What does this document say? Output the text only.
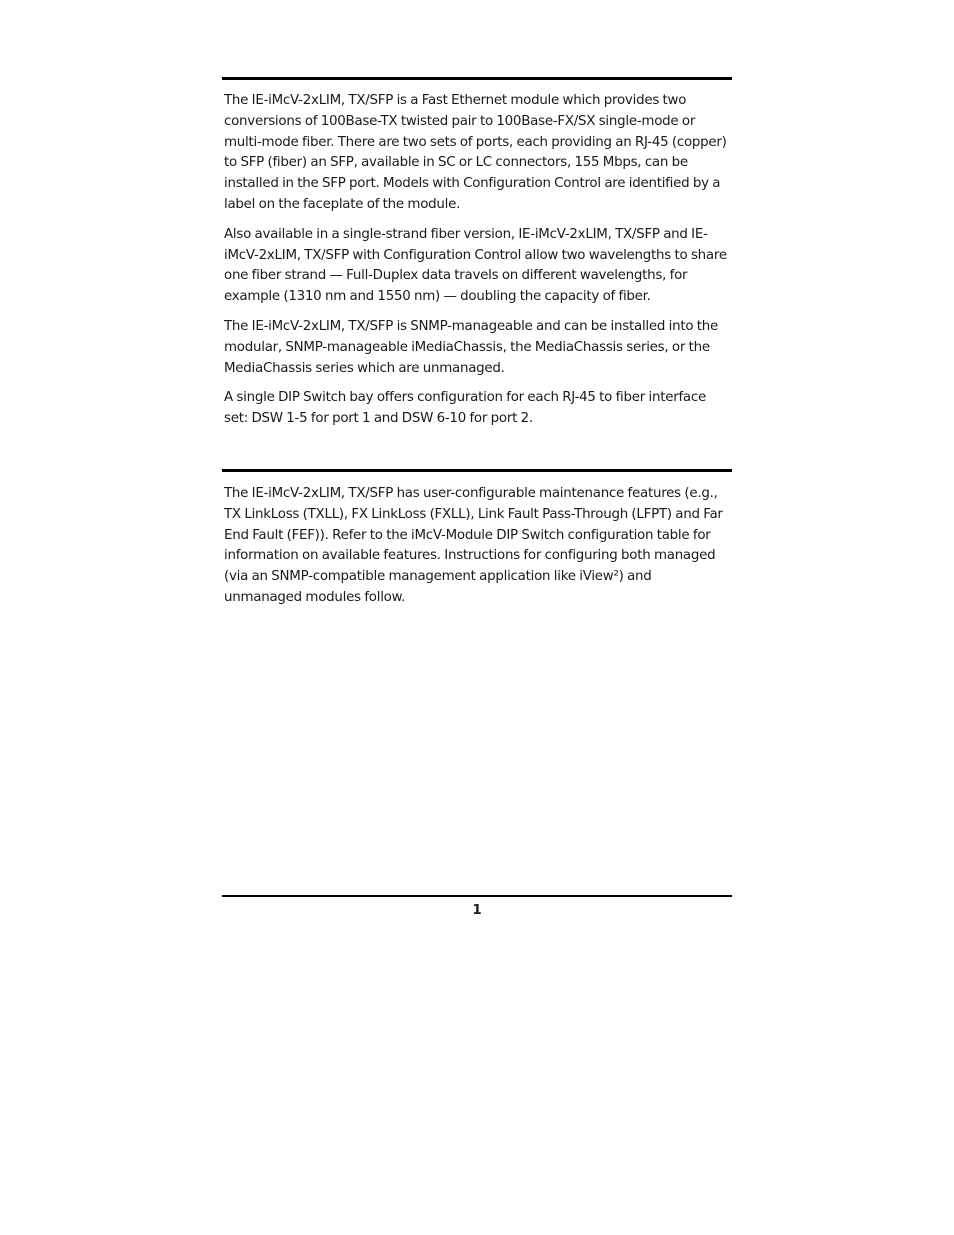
The IE-iMcV-2xLIM, TX/SFP is a Fast Ethernet module which provides two conversions of 100Base-TX twisted pair to 100Base-FX/SX single-mode or multi-mode fiber. There are two sets of ports, each providing an RJ-45 (copper) to SFP (fiber) an SFP, available in SC or LC connectors, 155 Mbps, can be installed in the SFP port. Models with Configuration Control are identified by a label on the faceplate of the module.

Also available in a single-strand fiber version, IE-iMcV-2xLIM, TX/SFP and IE-iMcV-2xLIM, TX/SFP with Configuration Control allow two wavelengths to share one fiber strand — Full-Duplex data travels on different wavelengths, for example (1310 nm and 1550 nm) — doubling the capacity of fiber.

The IE-iMcV-2xLIM, TX/SFP is SNMP-manageable and can be installed into the modular, SNMP-manageable iMediaChassis, the MediaChassis series, or the MediaChassis series which are unmanaged.

A single DIP Switch bay offers configuration for each RJ-45 to fiber interface set: DSW 1-5 for port 1 and DSW 6-10 for port 2.

The IE-iMcV-2xLIM, TX/SFP has user-configurable maintenance features (e.g., TX LinkLoss (TXLL), FX LinkLoss (FXLL), Link Fault Pass-Through (LFPT) and Far End Fault (FEF)). Refer to the iMcV-Module DIP Switch configuration table for information on available features. Instructions for configuring both managed (via an SNMP-compatible management application like iView²) and unmanaged modules follow.

1
